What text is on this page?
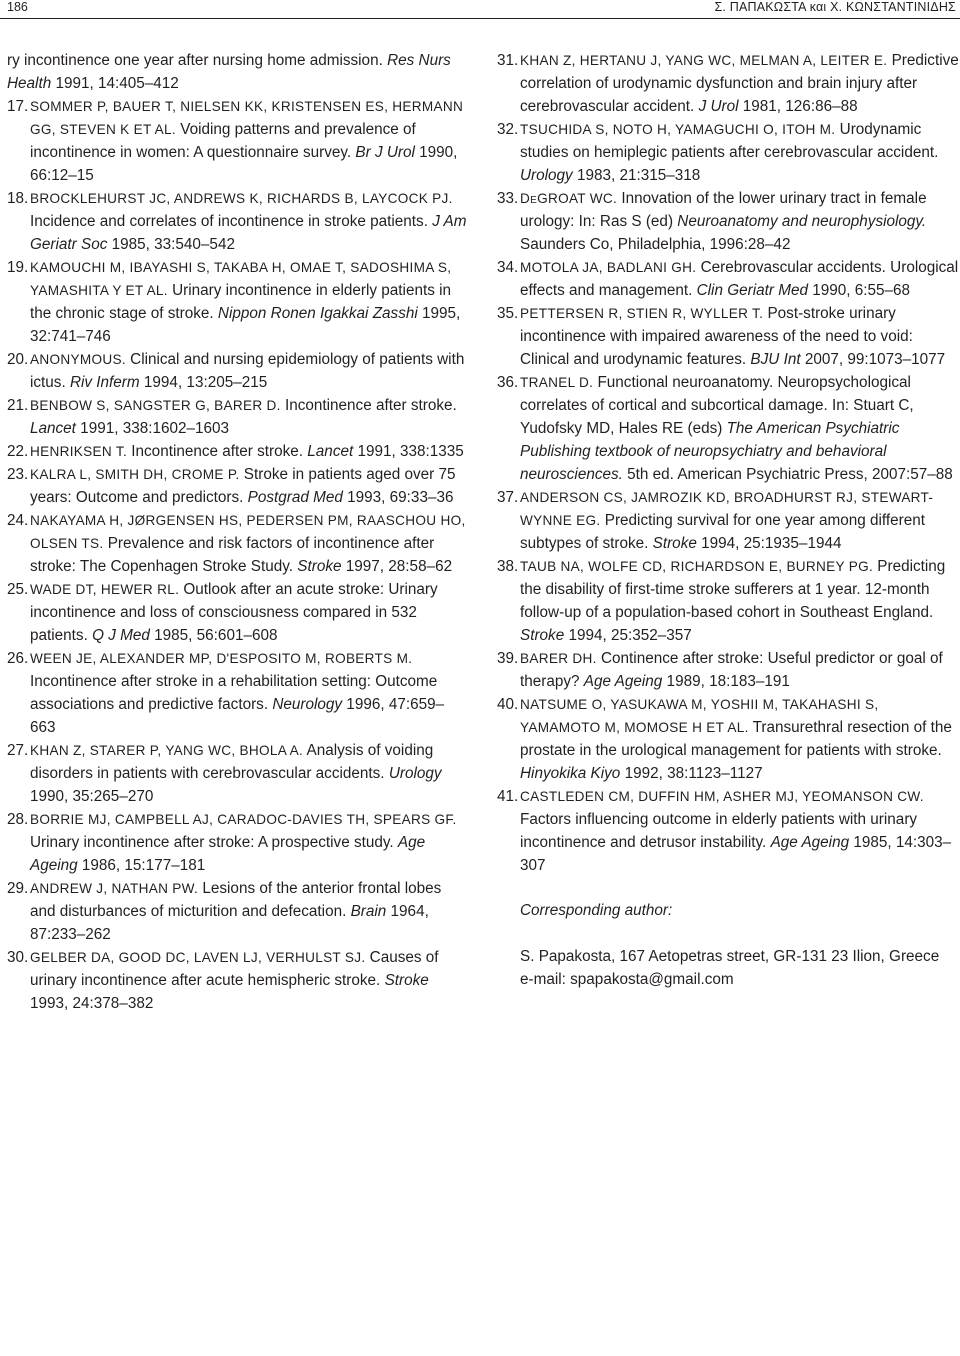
186	Σ. ΠΑΠΑΚΩΣΤΑ και Χ. ΚΩΝΣΤΑΝΤΙΝΙΔΗΣ

ry incontinence one year after nursing home admission. Res Nurs Health 1991, 14:405–412

17. SOMMER P, BAUER T, NIELSEN KK, KRISTENSEN ES, HERMANN GG, STEVEN K ET AL. Voiding patterns and prevalence of incontinence in women: A questionnaire survey. Br J Urol 1990, 66:12–15

18. BROCKLEHURST JC, ANDREWS K, RICHARDS B, LAYCOCK PJ. Incidence and correlates of incontinence in stroke patients. J Am Geriatr Soc 1985, 33:540–542

19. KAMOUCHI M, IBAYASHI S, TAKABA H, OMAE T, SADOSHIMA S, YAMASHITA Y ET AL. Urinary incontinence in elderly patients in the chronic stage of stroke. Nippon Ronen Igakkai Zasshi 1995, 32:741–746

20. ANONYMOUS. Clinical and nursing epidemiology of patients with ictus. Riv Inferm 1994, 13:205–215

21. BENBOW S, SANGSTER G, BARER D. Incontinence after stroke. Lancet 1991, 338:1602–1603

22. HENRIKSEN T. Incontinence after stroke. Lancet 1991, 338:1335

23. KALRA L, SMITH DH, CROME P. Stroke in patients aged over 75 years: Outcome and predictors. Postgrad Med 1993, 69:33–36

24. NAKAYAMA H, JØRGENSEN HS, PEDERSEN PM, RAASCHOU HO, OLSEN TS. Prevalence and risk factors of incontinence after stroke: The Copenhagen Stroke Study. Stroke 1997, 28:58–62

25. WADE DT, HEWER RL. Outlook after an acute stroke: Urinary incontinence and loss of consciousness compared in 532 patients. Q J Med 1985, 56:601–608

26. WEEN JE, ALEXANDER MP, D'ESPOSITO M, ROBERTS M. Incontinence after stroke in a rehabilitation setting: Outcome associations and predictive factors. Neurology 1996, 47:659–663

27. KHAN Z, STARER P, YANG WC, BHOLA A. Analysis of voiding disorders in patients with cerebrovascular accidents. Urology 1990, 35:265–270

28. BORRIE MJ, CAMPBELL AJ, CARADOC-DAVIES TH, SPEARS GF. Urinary incontinence after stroke: A prospective study. Age Ageing 1986, 15:177–181

29. ANDREW J, NATHAN PW. Lesions of the anterior frontal lobes and disturbances of micturition and defecation. Brain 1964, 87:233–262

30. GELBER DA, GOOD DC, LAVEN LJ, VERHULST SJ. Causes of urinary incontinence after acute hemispheric stroke. Stroke 1993, 24:378–382

31. KHAN Z, HERTANU J, YANG WC, MELMAN A, LEITER E. Predictive correlation of urodynamic dysfunction and brain injury after cerebrovascular accident. J Urol 1981, 126:86–88

32. TSUCHIDA S, NOTO H, YAMAGUCHI O, ITOH M. Urodynamic studies on hemiplegic patients after cerebrovascular accident. Urology 1983, 21:315–318

33. DeGROAT WC. Innovation of the lower urinary tract in female urology: In: Ras S (ed) Neuroanatomy and neurophysiology. Saunders Co, Philadelphia, 1996:28–42

34. MOTOLA JA, BADLANI GH. Cerebrovascular accidents. Urological effects and management. Clin Geriatr Med 1990, 6:55–68

35. PETTERSEN R, STIEN R, WYLLER T. Post-stroke urinary incontinence with impaired awareness of the need to void: Clinical and urodynamic features. BJU Int 2007, 99:1073–1077

36. TRANEL D. Functional neuroanatomy. Neuropsychological correlates of cortical and subcortical damage. In: Stuart C, Yudofsky MD, Hales RE (eds) The American Psychiatric Publishing textbook of neuropsychiatry and behavioral neurosciences. 5th ed. American Psychiatric Press, 2007:57–88

37. ANDERSON CS, JAMROZIK KD, BROADHURST RJ, STEWART-WYNNE EG. Predicting survival for one year among different subtypes of stroke. Stroke 1994, 25:1935–1944

38. TAUB NA, WOLFE CD, RICHARDSON E, BURNEY PG. Predicting the disability of first-time stroke sufferers at 1 year. 12-month follow-up of a population-based cohort in Southeast England. Stroke 1994, 25:352–357

39. BARER DH. Continence after stroke: Useful predictor or goal of therapy? Age Ageing 1989, 18:183–191

40. NATSUME O, YASUKAWA M, YOSHII M, TAKAHASHI S, YAMAMOTO M, MOMOSE H ET AL. Transurethral resection of the prostate in the urological management for patients with stroke. Hinyokika Kiyo 1992, 38:1123–1127

41. CASTLEDEN CM, DUFFIN HM, ASHER MJ, YEOMANSON CW. Factors influencing outcome in elderly patients with urinary incontinence and detrusor instability. Age Ageing 1985, 14:303–307

Corresponding author:
S. Papakosta, 167 Aetopetras street, GR-131 23 Ilion, Greece
e-mail: spapakosta@gmail.com
